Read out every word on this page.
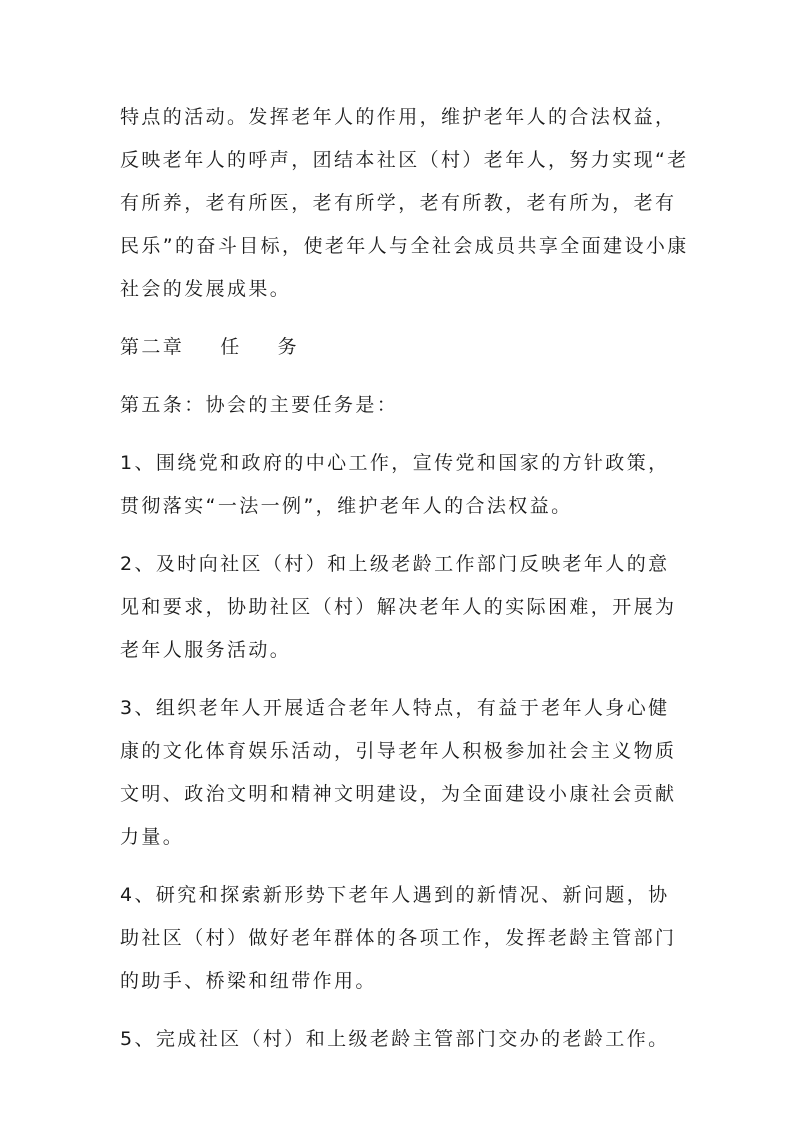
特点的活动。发挥老年人的作用，维护老年人的合法权益，
反映老年人的呼声，团结本社区（村）老年人，努力实现“老
有所养，老有所医，老有所学，老有所教，老有所为，老有
民乐”的奋斗目标，使老年人与全社会成员共享全面建设小康
社会的发展成果。
第二章 任 务
第五条：协会的主要任务是：
1、围绕党和政府的中心工作，宣传党和国家的方针政策，
贯彻落实“一法一例”，维护老年人的合法权益。
2、及时向社区（村）和上级老龄工作部门反映老年人的意
见和要求，协助社区（村）解决老年人的实际困难，开展为
老年人服务活动。
3、组织老年人开展适合老年人特点，有益于老年人身心健
康的文化体育娱乐活动，引导老年人积极参加社会主义物质
文明、政治文明和精神文明建设，为全面建设小康社会贡献
力量。
4、研究和探索新形势下老年人遇到的新情况、新问题，协
助社区（村）做好老年群体的各项工作，发挥老龄主管部门
的助手、桥梁和纽带作用。
5、完成社区（村）和上级老龄主管部门交办的老龄工作。
